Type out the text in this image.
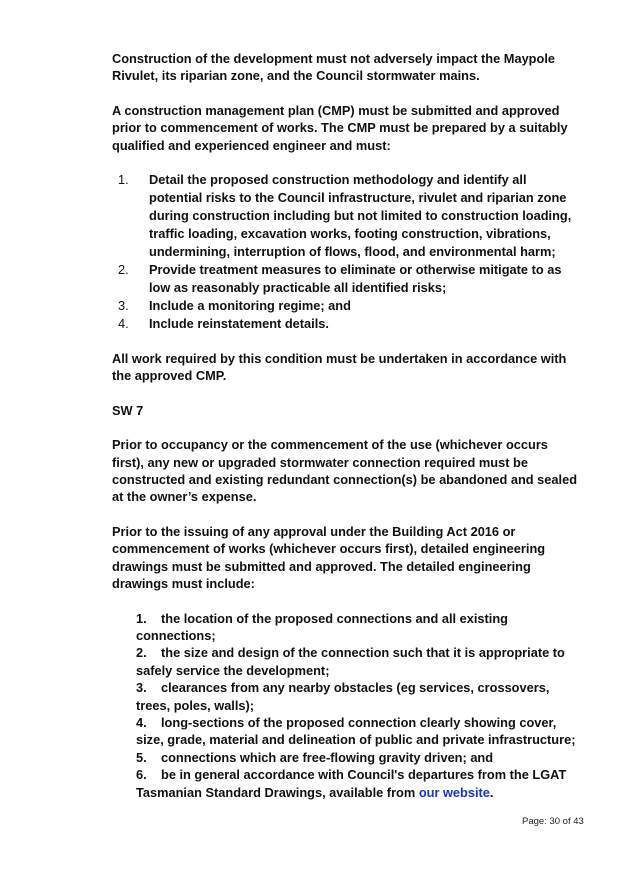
Construction of the development must not adversely impact the Maypole Rivulet, its riparian zone, and the Council stormwater mains.

A construction management plan (CMP) must be submitted and approved prior to commencement of works. The CMP must be prepared by a suitably qualified and experienced engineer and must:

1.	Detail the proposed construction methodology and identify all potential risks to the Council infrastructure, rivulet and riparian zone during construction including but not limited to construction loading, traffic loading, excavation works, footing construction, vibrations, undermining, interruption of flows, flood, and environmental harm;
2.	Provide treatment measures to eliminate or otherwise mitigate to as low as reasonably practicable all identified risks;
3.	Include a monitoring regime; and
4.	Include reinstatement details.

All work required by this condition must be undertaken in accordance with the approved CMP.

SW 7

Prior to occupancy or the commencement of the use (whichever occurs first), any new or upgraded stormwater connection required must be constructed and existing redundant connection(s) be abandoned and sealed at the owner’s expense.

Prior to the issuing of any approval under the Building Act 2016 or commencement of works (whichever occurs first), detailed engineering drawings must be submitted and approved. The detailed engineering drawings must include:

1. the location of the proposed connections and all existing connections;
2. the size and design of the connection such that it is appropriate to safely service the development;
3. clearances from any nearby obstacles (eg services, crossovers, trees, poles, walls);
4. long-sections of the proposed connection clearly showing cover, size, grade, material and delineation of public and private infrastructure;
5. connections which are free-flowing gravity driven; and
6. be in general accordance with Council's departures from the LGAT Tasmanian Standard Drawings, available from our website.
Page: 30 of 43
